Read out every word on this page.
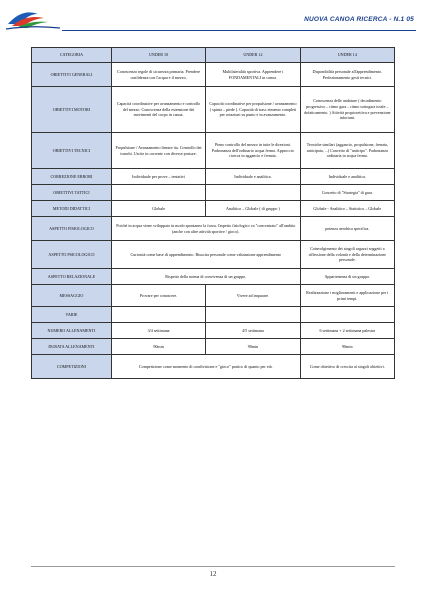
NUOVA CANOA RICERCA - N.1 05
CATEGORIA	UNDER 10	UNDER 12	UNDER 14
OBIETTIVI GENERALI	Conoscenza regole di sicurezza primaria. Prendere confidenza con l'acqua e il mezzo.	Multilateralità sportiva. Apprendere i FONDAMENTALI in canoa.	Disponibilità personale all'apprendimento. Perfezionamento gesti tecnici.
OBIETTIVI MOTORI	Capacità coordinative per avanzamento e controllo del mezzo. Conoscenza della estensione dei movimenti del corpo in canoa.	Capacità coordinative per propulsione / avanzamento ( spinta – piede ). Capacità di trasc eimento completi per rotazioni su punto e in avanzamento.	Conoscenza delle andature ( decadimento progressivo – ritmo gara – ritmo sottogara totale – defaticamento. ) Attività propiocettiva e prevenzione infortuni.
OBIETTIVI TECNICI	Propulsione / Avanzamento lineare ita. Controllo dei tranchi. Uscite in corrente con diverse posture.	Pieno controllo del mezzo in tutte le direzioni. Padronanza dell'ordinario acqua ferma. Approccio ricerca in aggancio e frenata.	Tecniche similari (aggancio, propulsione, frenata, anticipata, ...) Concetto di "anticipo". Padronanza ordinaria in acqua ferma.
CORREZIONE ERRORI	Individuale per prove – tentativi	Individuale e analitica.	Individuale e analitica.
OBIETTIVI TATTICI			Concetto di "Strategia" di gara.
METODI DIDATTICI	Globale	Analitico – Globale ( di gruppo )	Globale - Analitico – Statistico – Globale
ASPETTO FISIOLOGICO	Poiché in acqua viene sviluppato in modo spontaneo la forza, l'aspetto fisiologico va "concentrato" all'ambito (anche con altre attività sportive / gioco).		potenza aerobica specifica.
ASPETTO PSICOLOGICO	Curiosità come base di apprendimento. Riuscita personale come valutazione apprendimento		Coinvolgimento dei singoli ragazzi soggetti a riflessione della volontà e della determinazione personale.
ASPETTO RELAZIONALE	Rispetto della norma di convivenza di un gruppo.		Appartenenza di un gruppo.
MESSAGGIO	Provare per conoscere.	Vivere ad imparare.	Realizzazione i miglioramenti e applicazione per i primi tempi.
VARIE			
NUMERO ALLENAMENTI	3/4 settimana	4/5 settimana	6 settimana + 2 settimana palestra
DURATA ALLENAMENTI	90min	90min	90min
COMPETIZIONI	Competizione come momento di condivisione e "gioco" pratico di quanto per età.		Come obiettivo di crescita ai singoli obiettivi.
12
